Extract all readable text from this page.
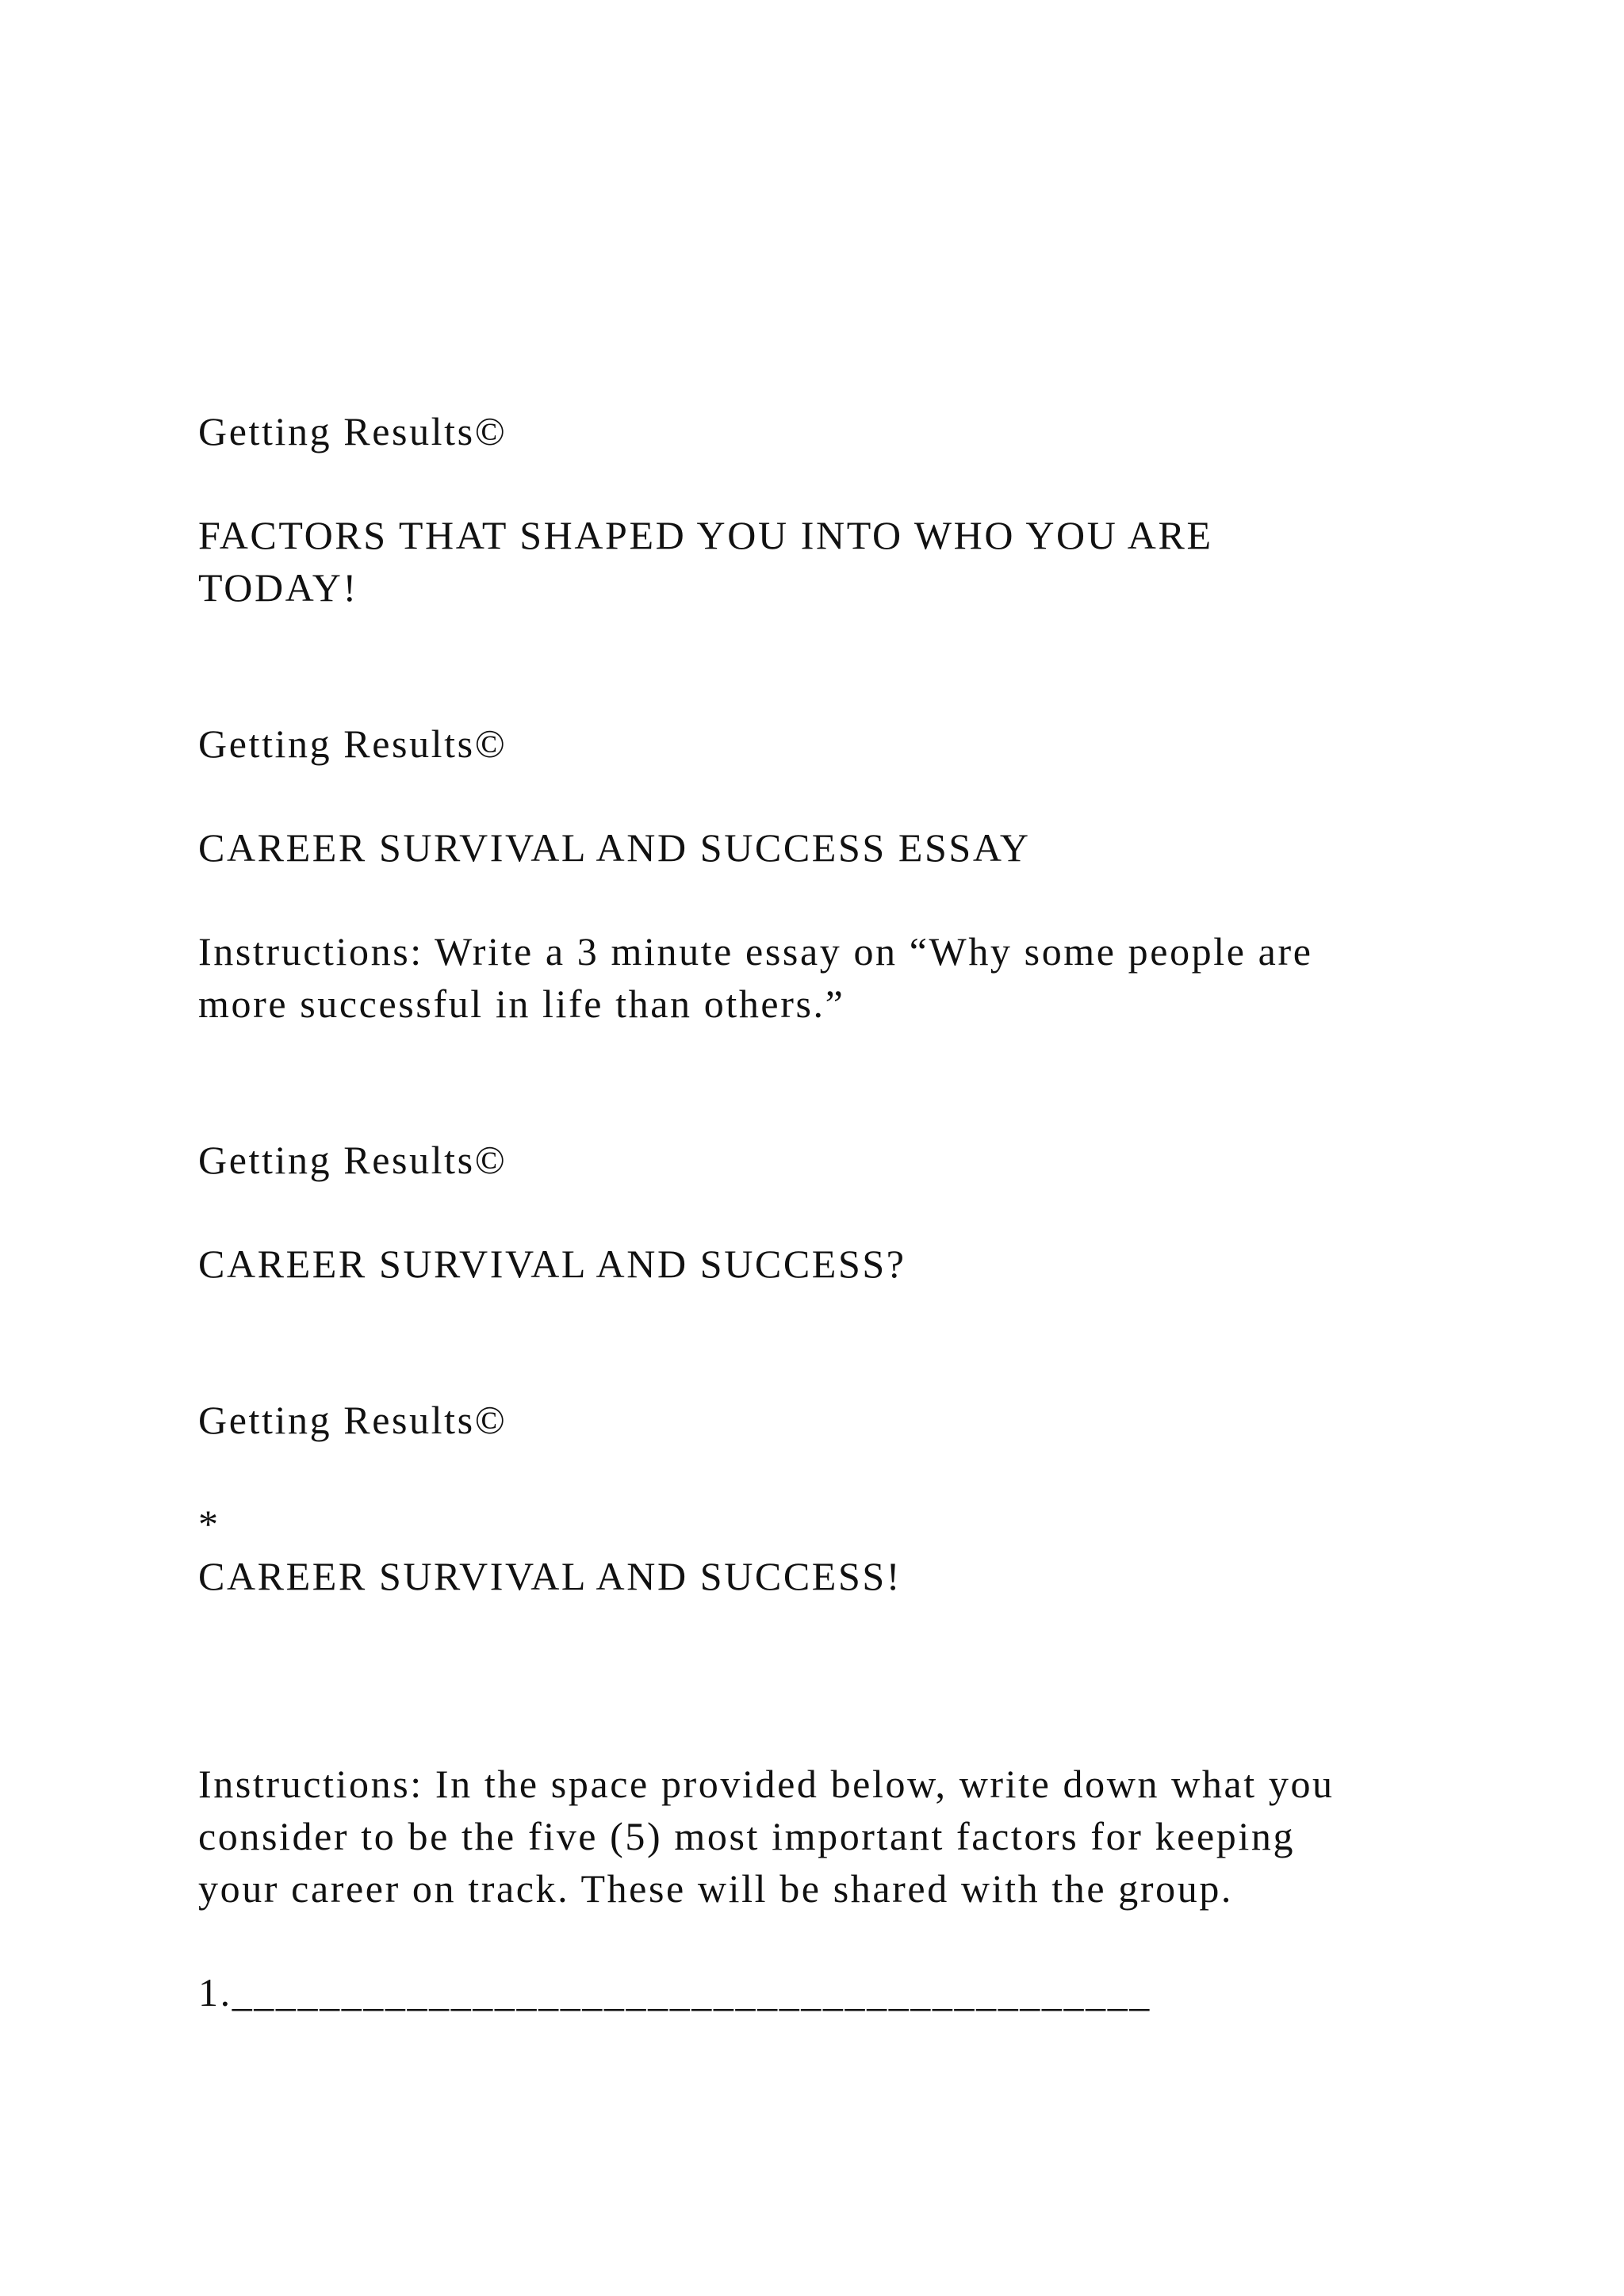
Getting Results©

FACTORS THAT SHAPED YOU INTO WHO YOU ARE

TODAY!

Getting Results©

CAREER SURVIVAL AND SUCCESS ESSAY

Instructions: Write a 3 minute essay on “Why some people are

more successful in life than others.”

Getting Results©

CAREER SURVIVAL AND SUCCESS?

Getting Results©

*

CAREER SURVIVAL AND SUCCESS!

Instructions: In the space provided below, write down what you

consider to be the five (5) most important factors for keeping

your career on track. These will be shared with the group.

1.__________________________________________
